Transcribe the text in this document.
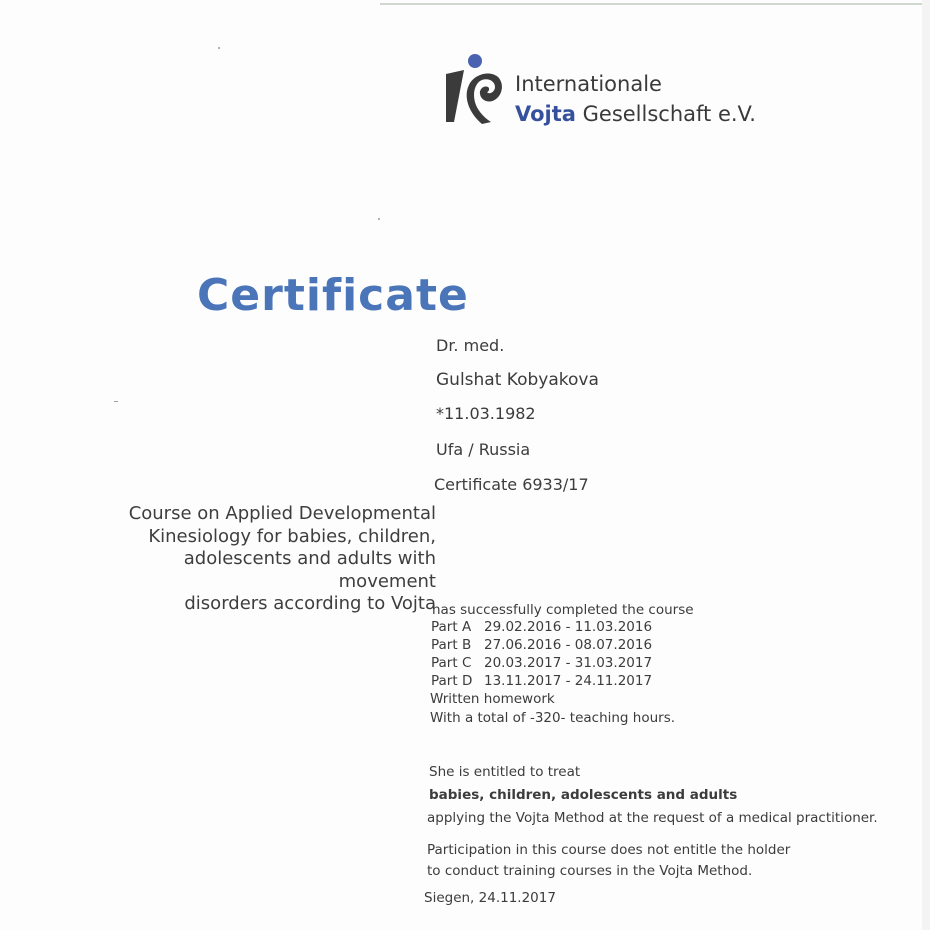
Internationale
Vojta Gesellschaft e.V.
Certificate
Dr. med.
Gulshat Kobyakova
*11.03.1982
Ufa / Russia
Certificate 6933/17
Course on Applied Developmental
Kinesiology for babies, children,
adolescents and adults with movement
disorders according to Vojta
has successfully completed the course
Part A 29.02.2016 - 11.03.2016
Part B 27.06.2016 - 08.07.2016
Part C 20.03.2017 - 31.03.2017
Part D 13.11.2017 - 24.11.2017
Written homework
With a total of -320- teaching hours.
She is entitled to treat
babies, children, adolescents and adults
applying the Vojta Method at the request of a medical practitioner.
Participation in this course does not entitle the holder
to conduct training courses in the Vojta Method.
Siegen, 24.11.2017
